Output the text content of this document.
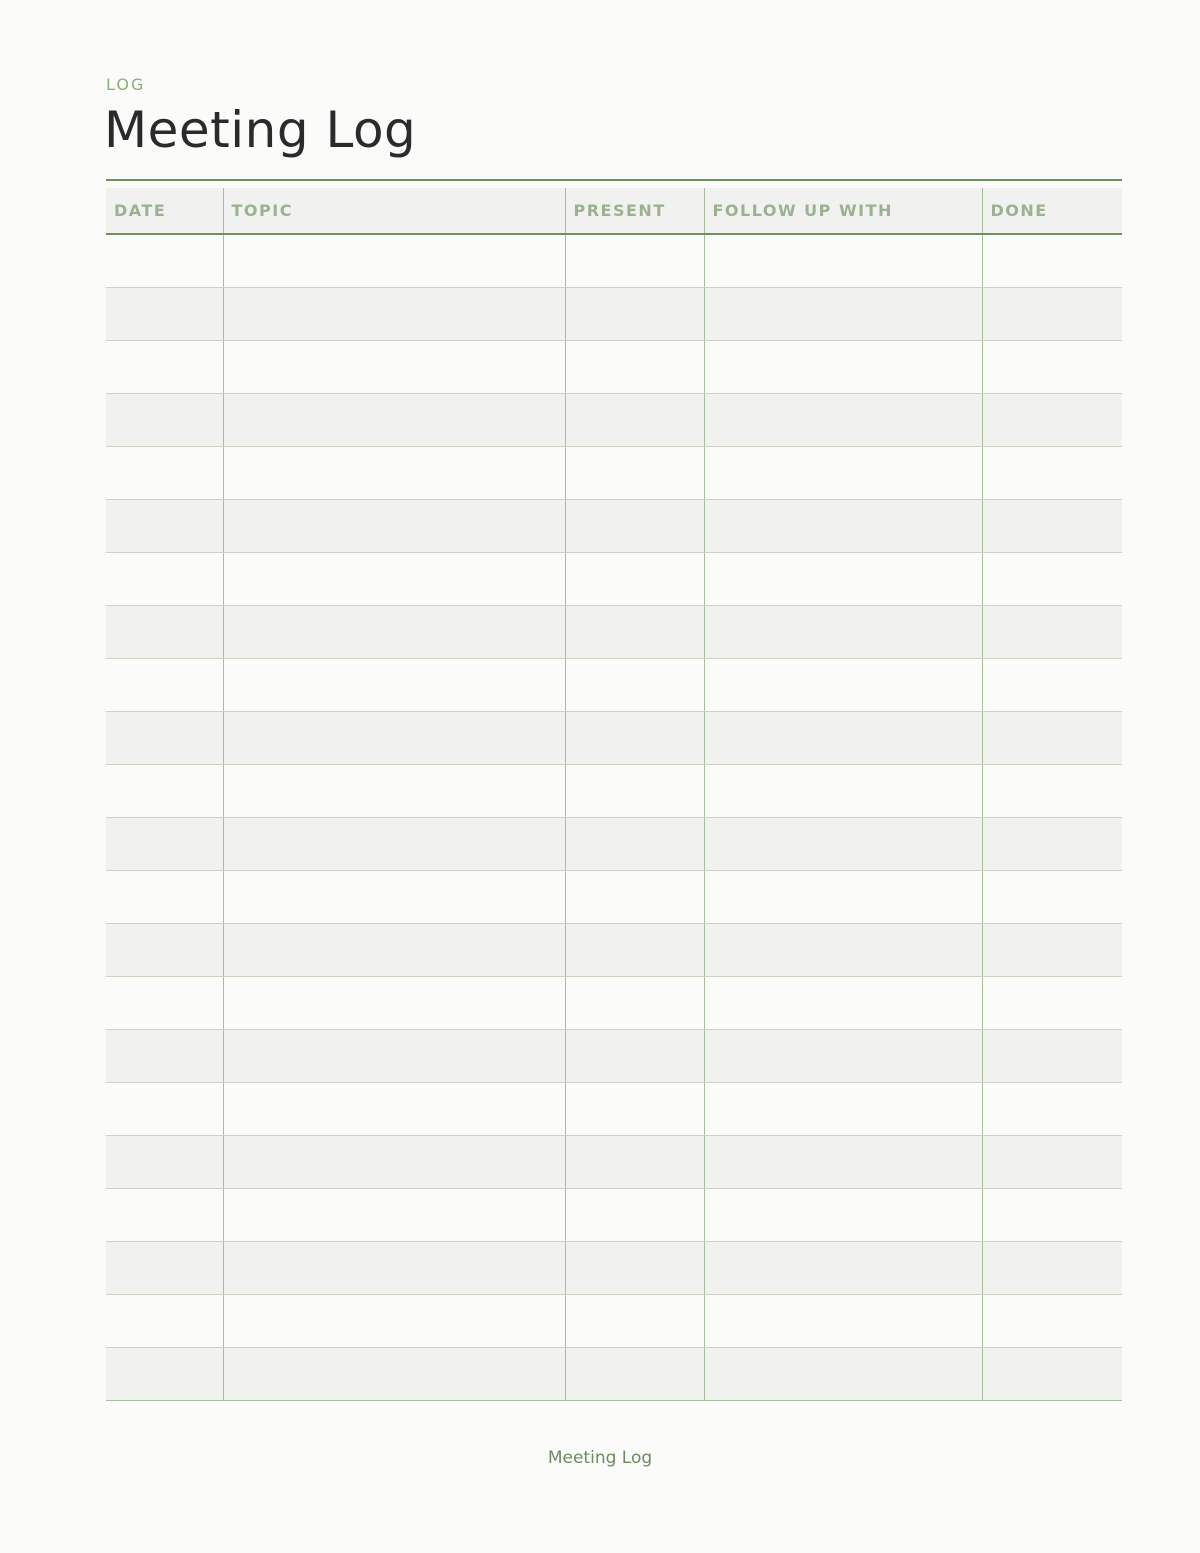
LOG
Meeting Log
DATE	TOPIC	PRESENT	FOLLOW UP WITH	DONE

Meeting Log
